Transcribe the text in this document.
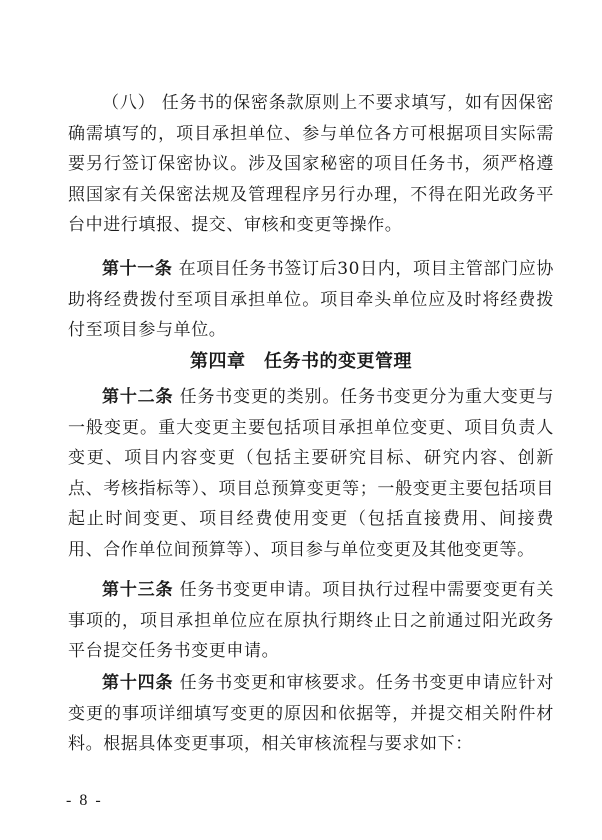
（八） 任务书的保密条款原则上不要求填写，如有因保密确需填写的，项目承担单位、参与单位各方可根据项目实际需要另行签订保密协议。涉及国家秘密的项目任务书，须严格遵照国家有关保密法规及管理程序另行办理，不得在阳光政务平台中进行填报、提交、审核和变更等操作。

第十一条 在项目任务书签订后30日内，项目主管部门应协助将经费拨付至项目承担单位。项目牵头单位应及时将经费拨付至项目参与单位。

第四章　任务书的变更管理

第十二条 任务书变更的类别。任务书变更分为重大变更与一般变更。重大变更主要包括项目承担单位变更、项目负责人变更、项目内容变更（包括主要研究目标、研究内容、创新点、考核指标等）、项目总预算变更等；一般变更主要包括项目起止时间变更、项目经费使用变更（包括直接费用、间接费用、合作单位间预算等）、项目参与单位变更及其他变更等。

第十三条 任务书变更申请。项目执行过程中需要变更有关事项的，项目承担单位应在原执行期终止日之前通过阳光政务平台提交任务书变更申请。

第十四条 任务书变更和审核要求。任务书变更申请应针对变更的事项详细填写变更的原因和依据等，并提交相关附件材料。根据具体变更事项，相关审核流程与要求如下：

- 8 -
